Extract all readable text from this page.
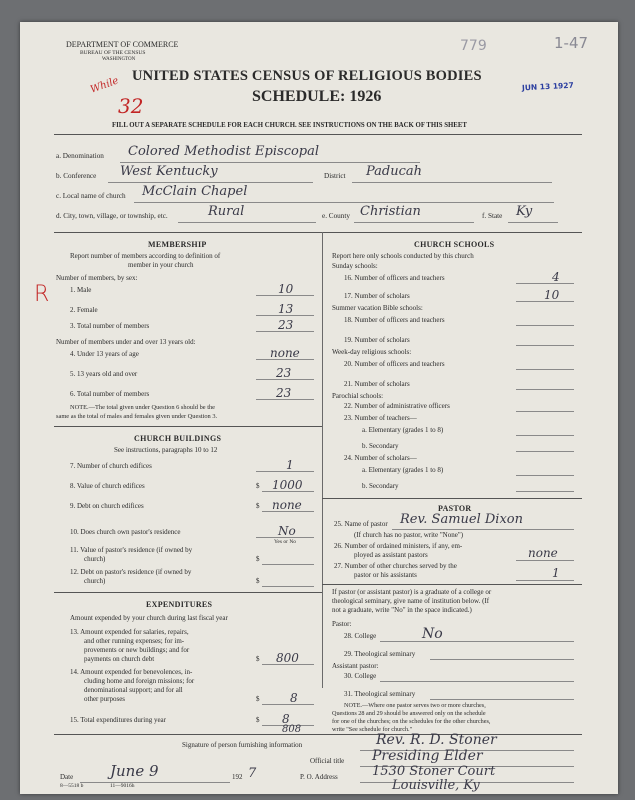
DEPARTMENT OF COMMERCE
BUREAU OF THE CENSUS
WASHINGTON
779	1-47
UNITED STATES CENSUS OF RELIGIOUS BODIES
SCHEDULE: 1926
While
32
JUN 13 1927
FILL OUT A SEPARATE SCHEDULE FOR EACH CHURCH. SEE INSTRUCTIONS ON THE BACK OF THIS SHEET
R
a. Denomination Colored Methodist Episcopal
b. Conference West Kentucky	District Paducah
c. Local name of church McClain Chapel
d. City, town, village, or township, etc.	Rural	e. County Christian	f. State Ky
MEMBERSHIP
Report number of members according to definition of
member in your church
Number of members, by sex:
1. Male	10
2. Female	13
3. Total number of members	23
Number of members under and over 13 years old:
4. Under 13 years of age	none
5. 13 years old and over	23
6. Total number of members	23
NOTE.—The total given under Question 6 should be the
same as the total of males and females given under Question 3.
CHURCH BUILDINGS
See instructions, paragraphs 10 to 12
7. Number of church edifices	1
8. Value of church edifices	$ 1000
9. Debt on church edifices	$ none
10. Does church own pastor's residence	No
Yes or No
11. Value of pastor's residence (if owned by
church)	$
12. Debt on pastor's residence (if owned by
church)	$
EXPENDITURES
Amount expended by your church during last fiscal year
13. Amount expended for salaries, repairs,
and other running expenses; for im-
provements or new buildings; and for
payments on church debt	$ 800
14. Amount expended for benevolences, in-
cluding home and foreign missions; for
denominational support; and for all
other purposes	$	8
15. Total expenditures during year	$ 8
808
CHURCH SCHOOLS
Report here only schools conducted by this church
Sunday schools:
16. Number of officers and teachers	4
17. Number of scholars	10
Summer vacation Bible schools:
18. Number of officers and teachers
19. Number of scholars
Week-day religious schools:
20. Number of officers and teachers
21. Number of scholars
Parochial schools:
22. Number of administrative officers
23. Number of teachers—
a. Elementary (grades 1 to 8)
b. Secondary
24. Number of scholars—
a. Elementary (grades 1 to 8)
b. Secondary
PASTOR
25. Name of pastor Rev. Samuel Dixon
(If church has no pastor, write "None")
26. Number of ordained ministers, if any, em-
ployed as assistant pastors	none
27. Number of other churches served by the
pastor or his assistants	1
If pastor (or assistant pastor) is a graduate of a college or
theological seminary, give name of institution below. (If
not a graduate, write "No" in the space indicated.)
Pastor:
28. College	No
29. Theological seminary
Assistant pastor:
30. College
31. Theological seminary
NOTE.—Where one pastor serves two or more churches,
Questions 28 and 29 should be answered only on the schedule
for one of the churches; on the schedules for the other churches,
write "See schedule for church."
Signature of person furnishing information	Rev. R. D. Stoner
Official title Presiding Elder
Date June 9	192 7	P. O. Address	1530 Stoner Court
Louisville, Ky
8—5518 b	11—9016h
